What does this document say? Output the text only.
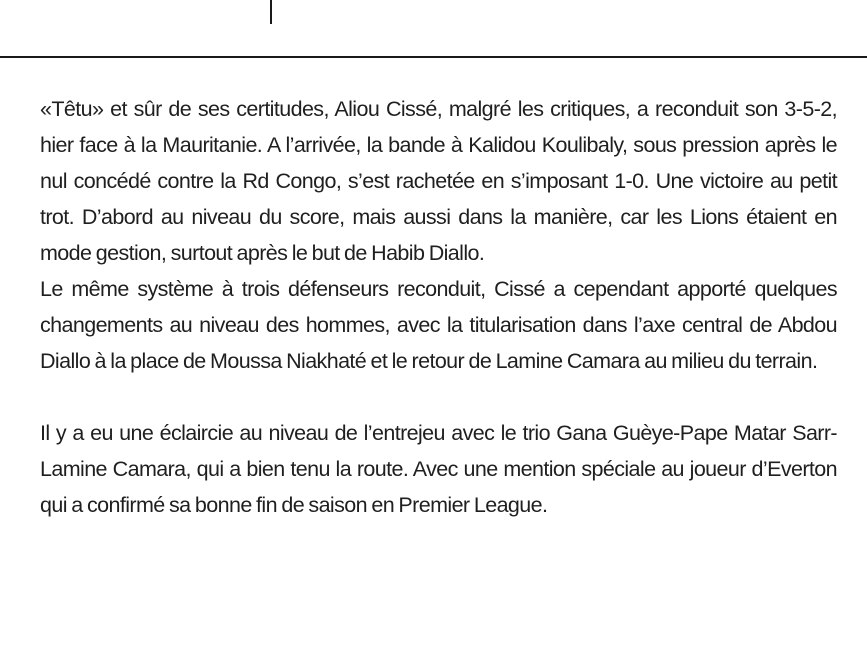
«Têtu» et sûr de ses certitudes, Aliou Cissé, malgré les critiques, a reconduit son 3-5-2, hier face à la Mauritanie. A l’arrivée, la bande à Kalidou Koulibaly, sous pression après le nul concédé contre la Rd Congo, s’est rachetée en s’imposant 1-0. Une victoire au petit trot. D’abord au niveau du score, mais aussi dans la manière, car les Lions étaient en mode gestion, surtout après le but de Habib Diallo.

Le même système à trois défenseurs reconduit, Cissé a cependant apporté quelques changements au niveau des hommes, avec la titularisation dans l’axe central de Abdou Diallo à la place de Moussa Niakhaté et le retour de Lamine Camara au milieu du terrain.

Il y a eu une éclaircie au niveau de l’entrejeu avec le trio Gana Guèye-Pape Matar Sarr-Lamine Camara, qui a bien tenu la route. Avec une mention spéciale au joueur d’Everton qui a confirmé sa bonne fin de saison en Premier League.
